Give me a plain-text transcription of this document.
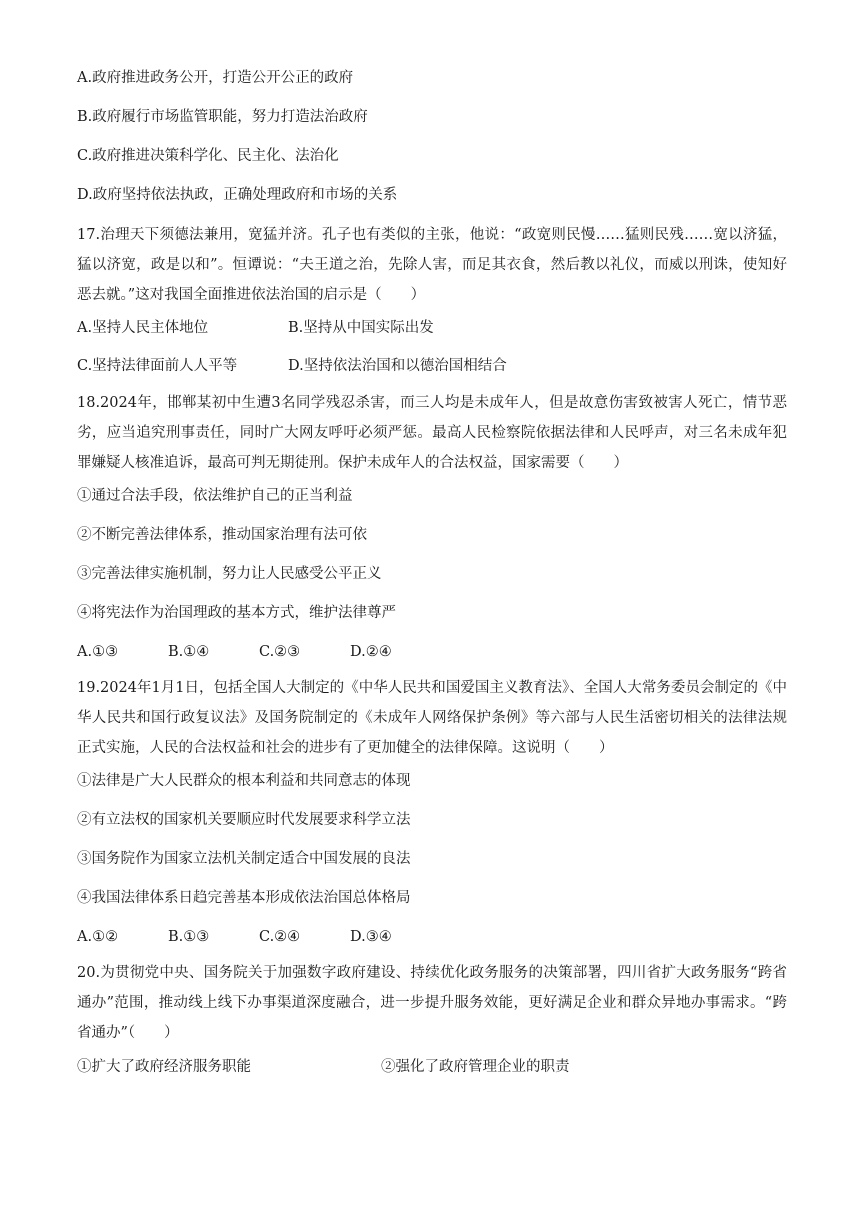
A.政府推进政务公开，打造公开公正的政府
B.政府履行市场监管职能，努力打造法治政府
C.政府推进决策科学化、民主化、法治化
D.政府坚持依法执政，正确处理政府和市场的关系
17.治理天下须德法兼用，宽猛并济。孔子也有类似的主张，他说：“政宽则民慢……猛则民残……宽以济猛，猛以济宽，政是以和”。恒谭说：“夫王道之治，先除人害，而足其衣食，然后教以礼仪，而威以刑诛，使知好恶去就。”这对我国全面推进依法治国的启示是（　　）
A.坚持人民主体地位	B.坚持从中国实际出发
C.坚持法律面前人人平等	D.坚持依法治国和以德治国相结合
18.2024年，邯郸某初中生遭3名同学残忍杀害，而三人均是未成年人，但是故意伤害致被害人死亡，情节恶劣，应当追究刑事责任，同时广大网友呼吁必须严惩。最高人民检察院依据法律和人民呼声，对三名未成年犯罪嫌疑人核准追诉，最高可判无期徒刑。保护未成年人的合法权益，国家需要（　　）
①通过合法手段，依法维护自己的正当利益
②不断完善法律体系，推动国家治理有法可依
③完善法律实施机制，努力让人民感受公平正义
④将宪法作为治国理政的基本方式，维护法律尊严
A.①③	B.①④	C.②③	D.②④
19.2024年1月1日，包括全国人大制定的《中华人民共和国爱国主义教育法》、全国人大常务委员会制定的《中华人民共和国行政复议法》及国务院制定的《未成年人网络保护条例》等六部与人民生活密切相关的法律法规正式实施，人民的合法权益和社会的进步有了更加健全的法律保障。这说明（　　）
①法律是广大人民群众的根本利益和共同意志的体现
②有立法权的国家机关要顺应时代发展要求科学立法
③国务院作为国家立法机关制定适合中国发展的良法
④我国法律体系日趋完善基本形成依法治国总体格局
A.①②	B.①③	C.②④	D.③④
20.为贯彻党中央、国务院关于加强数字政府建设、持续优化政务服务的决策部署，四川省扩大政务服务“跨省通办”范围，推动线上线下办事渠道深度融合，进一步提升服务效能，更好满足企业和群众异地办事需求。“跨省通办”（　　）
①扩大了政府经济服务职能	②强化了政府管理企业的职责
